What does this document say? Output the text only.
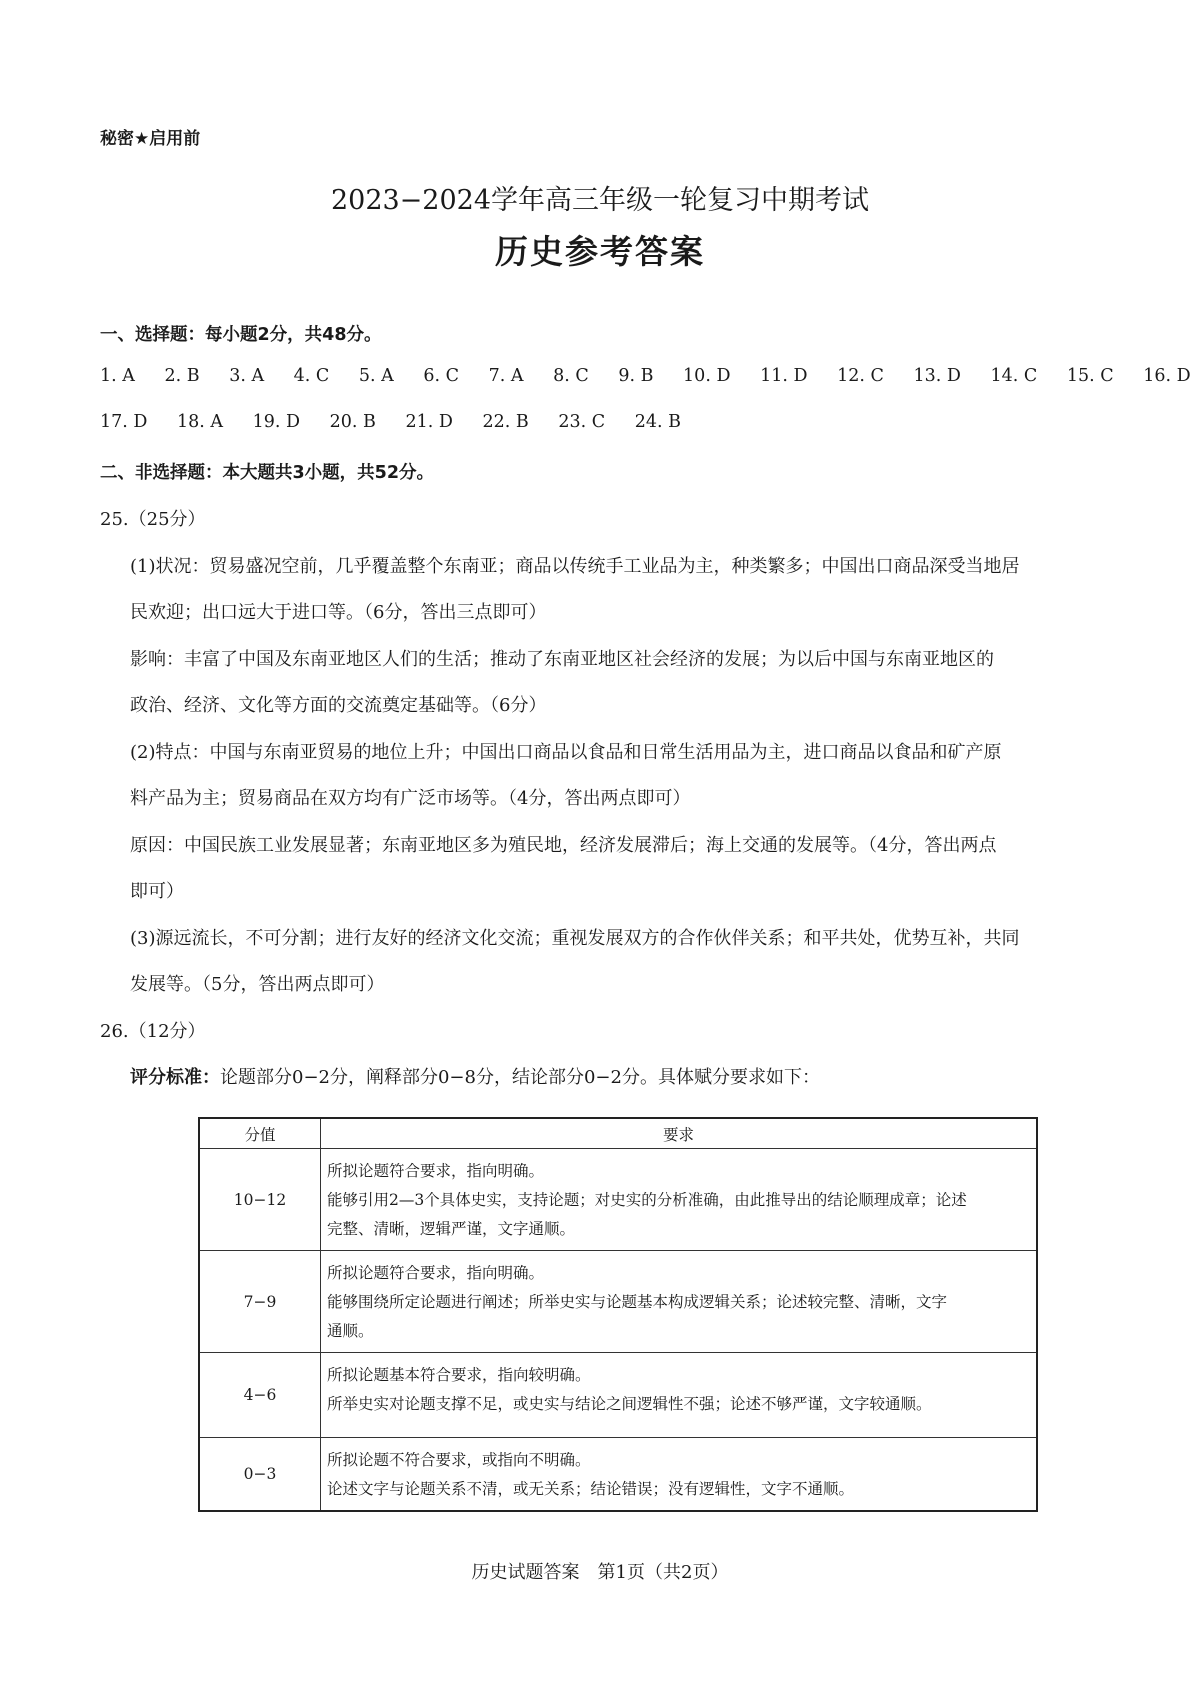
秘密★启用前
2023−2024学年高三年级一轮复习中期考试
历史参考答案
一、选择题：每小题2分，共48分。
1. A 2. B 3. A 4. C 5. A 6. C 7. A 8. C 9. B 10. D 11. D 12. C 13. D 14. C 15. C 16. D
17. D 18. A 19. D 20. B 21. D 22. B 23. C 24. B
二、非选择题：本大题共3小题，共52分。
25.（25分）
(1)状况：贸易盛况空前，几乎覆盖整个东南亚；商品以传统手工业品为主，种类繁多；中国出口商品深受当地居
民欢迎；出口远大于进口等。（6分，答出三点即可）
影响：丰富了中国及东南亚地区人们的生活；推动了东南亚地区社会经济的发展；为以后中国与东南亚地区的
政治、经济、文化等方面的交流奠定基础等。（6分）
(2)特点：中国与东南亚贸易的地位上升；中国出口商品以食品和日常生活用品为主，进口商品以食品和矿产原
料产品为主；贸易商品在双方均有广泛市场等。（4分，答出两点即可）
原因：中国民族工业发展显著；东南亚地区多为殖民地，经济发展滞后；海上交通的发展等。（4分，答出两点
即可）
(3)源远流长，不可分割；进行友好的经济文化交流；重视发展双方的合作伙伴关系；和平共处，优势互补，共同
发展等。（5分，答出两点即可）
26.（12分）
评分标准：论题部分0−2分，阐释部分0−8分，结论部分0−2分。具体赋分要求如下：
分值	要求
10−12	所拟论题符合要求，指向明确。
能够引用2—3个具体史实，支持论题；对史实的分析准确，由此推导出的结论顺理成章；论述
完整、清晰，逻辑严谨，文字通顺。

7−9	所拟论题符合要求，指向明确。
能够围绕所定论题进行阐述；所举史实与论题基本构成逻辑关系；论述较完整、清晰，文字
通顺。

4−6	所拟论题基本符合要求，指向较明确。
所举史实对论题支撑不足，或史实与结论之间逻辑性不强；论述不够严谨，文字较通顺。

0−3	所拟论题不符合要求，或指向不明确。
论述文字与论题关系不清，或无关系；结论错误；没有逻辑性，文字不通顺。
历史试题答案　第1页（共2页）
